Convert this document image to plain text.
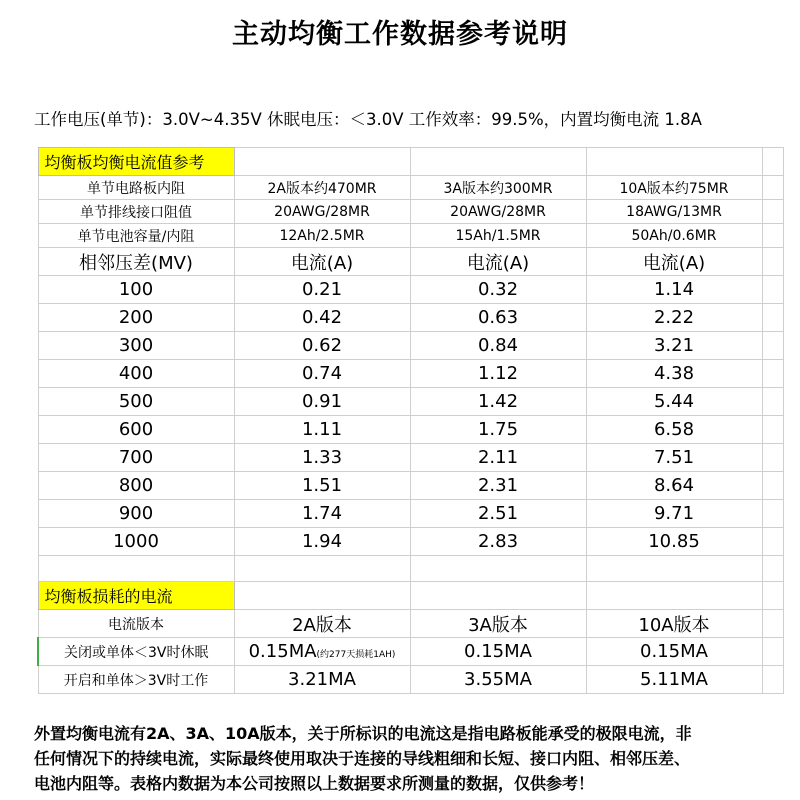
主动均衡工作数据参考说明
工作电压(单节)：3.0V~4.35V 休眠电压：＜3.0V 工作效率：99.5%，内置均衡电流 1.8A
均衡板均衡电流值参考				
单节电路板内阻	2A版本约470MR	3A版本约300MR	10A版本约75MR	
单节排线接口阻值	20AWG/28MR	20AWG/28MR	18AWG/13MR	
单节电池容量/内阻	12Ah/2.5MR	15Ah/1.5MR	50Ah/0.6MR	
相邻压差(MV)	电流(A)	电流(A)	电流(A)	
100	0.21	0.32	1.14	
200	0.42	0.63	2.22	
300	0.62	0.84	3.21	
400	0.74	1.12	4.38	
500	0.91	1.42	5.44	
600	1.11	1.75	6.58	
700	1.33	2.11	7.51	
800	1.51	2.31	8.64	
900	1.74	2.51	9.71	
1000	1.94	2.83	10.85	

均衡板损耗的电流				
电流版本	2A版本	3A版本	10A版本	
关闭或单体＜3V时休眠	0.15MA(约277天损耗1AH)	0.15MA	0.15MA	
开启和单体＞3V时工作	3.21MA	3.55MA	5.11MA	
外置均衡电流有2A、3A、10A版本，关于所标识的电流这是指电路板能承受的极限电流，非
任何情况下的持续电流，实际最终使用取决于连接的导线粗细和长短、接口内阻、相邻压差、
电池内阻等。表格内数据为本公司按照以上数据要求所测量的数据，仅供参考！
